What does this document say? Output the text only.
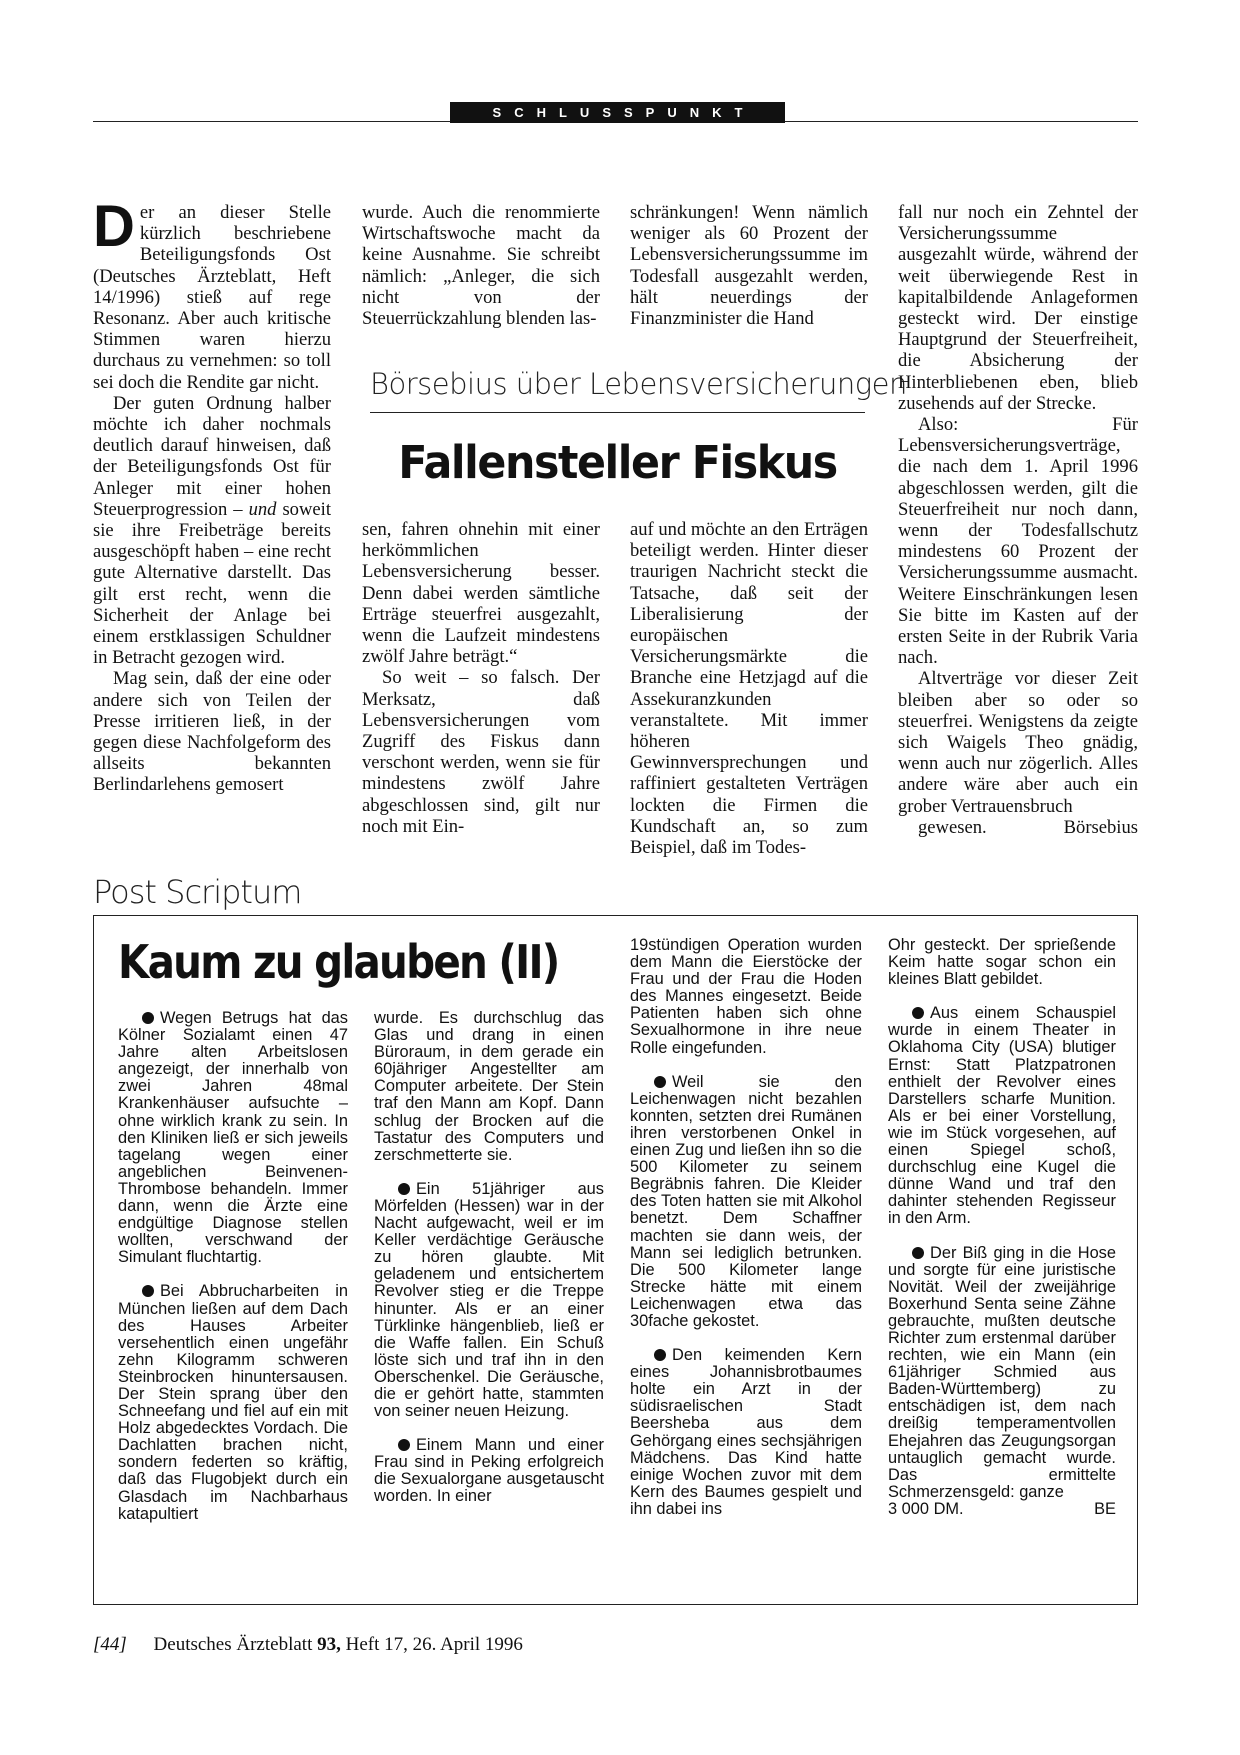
SCHLUSSPUNKT

Der an dieser Stelle kürzlich beschriebene Beteiligungsfonds Ost (Deutsches Ärzteblatt, Heft 14/1996) stieß auf rege Resonanz. Aber auch kritische Stimmen waren hierzu durchaus zu vernehmen: so toll sei doch die Rendite gar nicht.

Der guten Ordnung halber möchte ich daher nochmals deutlich darauf hinweisen, daß der Beteiligungsfonds Ost für Anleger mit einer hohen Steuerprogression – und soweit sie ihre Freibeträge bereits ausgeschöpft haben – eine recht gute Alternative darstellt. Das gilt erst recht, wenn die Sicherheit der Anlage bei einem erstklassigen Schuldner in Betracht gezogen wird.

Mag sein, daß der eine oder andere sich von Teilen der Presse irritieren ließ, in der gegen diese Nachfolgeform des allseits bekannten Berlindarlehens gemosert

wurde. Auch die renommierte Wirtschaftswoche macht da keine Ausnahme. Sie schreibt nämlich: „Anleger, die sich nicht von der Steuerrückzahlung blenden las-

schränkungen! Wenn nämlich weniger als 60 Prozent der Lebensversicherungssumme im Todesfall ausgezahlt werden, hält neuerdings der Finanzminister die Hand

Börsebius über Lebensversicherungen
Fallensteller Fiskus

sen, fahren ohnehin mit einer herkömmlichen Lebensversicherung besser. Denn dabei werden sämtliche Erträge steuerfrei ausgezahlt, wenn die Laufzeit mindestens zwölf Jahre beträgt.“

So weit – so falsch. Der Merksatz, daß Lebensversicherungen vom Zugriff des Fiskus dann verschont werden, wenn sie für mindestens zwölf Jahre abgeschlossen sind, gilt nur noch mit Ein-

auf und möchte an den Erträgen beteiligt werden. Hinter dieser traurigen Nachricht steckt die Tatsache, daß seit der Liberalisierung der europäischen Versicherungsmärkte die Branche eine Hetzjagd auf die Assekuranzkunden veranstaltete. Mit immer höheren Gewinnversprechungen und raffiniert gestalteten Verträgen lockten die Firmen die Kundschaft an, so zum Beispiel, daß im Todes-

fall nur noch ein Zehntel der Versicherungssumme ausgezahlt würde, während der weit überwiegende Rest in kapitalbildende Anlageformen gesteckt wird. Der einstige Hauptgrund der Steuerfreiheit, die Absicherung der Hinterbliebenen eben, blieb zusehends auf der Strecke.

Also: Für Lebensversicherungsverträge, die nach dem 1. April 1996 abgeschlossen werden, gilt die Steuerfreiheit nur noch dann, wenn der Todesfallschutz mindestens 60 Prozent der Versicherungssumme ausmacht. Weitere Einschränkungen lesen Sie bitte im Kasten auf der ersten Seite in der Rubrik Varia nach.

Altverträge vor dieser Zeit bleiben aber so oder so steuerfrei. Wenigstens da zeigte sich Waigels Theo gnädig, wenn auch nur zögerlich. Alles andere wäre aber auch ein grober Vertrauensbruch

gewesen.	Börsebius
Post Scriptum
Kaum zu glauben (II)

Wegen Betrugs hat das Kölner Sozialamt einen 47 Jahre alten Arbeitslosen angezeigt, der innerhalb von zwei Jahren 48mal Krankenhäuser aufsuchte – ohne wirklich krank zu sein. In den Kliniken ließ er sich jeweils tagelang wegen einer angeblichen Beinvenen-Thrombose behandeln. Immer dann, wenn die Ärzte eine endgültige Diagnose stellen wollten, verschwand der Simulant fluchtartig.

Bei Abbrucharbeiten in München ließen auf dem Dach des Hauses Arbeiter versehentlich einen ungefähr zehn Kilogramm schweren Steinbrocken hinuntersausen. Der Stein sprang über den Schneefang und fiel auf ein mit Holz abgedecktes Vordach. Die Dachlatten brachen nicht, sondern federten so kräftig, daß das Flugobjekt durch ein Glasdach im Nachbarhaus katapultiert

wurde. Es durchschlug das Glas und drang in einen Büroraum, in dem gerade ein 60jähriger Angestellter am Computer arbeitete. Der Stein traf den Mann am Kopf. Dann schlug der Brocken auf die Tastatur des Computers und zerschmetterte sie.

Ein 51jähriger aus Mörfelden (Hessen) war in der Nacht aufgewacht, weil er im Keller verdächtige Geräusche zu hören glaubte. Mit geladenem und entsichertem Revolver stieg er die Treppe hinunter. Als er an einer Türklinke hängenblieb, ließ er die Waffe fallen. Ein Schuß löste sich und traf ihn in den Oberschenkel. Die Geräusche, die er gehört hatte, stammten von seiner neuen Heizung.

Einem Mann und einer Frau sind in Peking erfolgreich die Sexualorgane ausgetauscht worden. In einer

19stündigen Operation wurden dem Mann die Eierstöcke der Frau und der Frau die Hoden des Mannes eingesetzt. Beide Patienten haben sich ohne Sexualhormone in ihre neue Rolle eingefunden.

Weil sie den Leichenwagen nicht bezahlen konnten, setzten drei Rumänen ihren verstorbenen Onkel in einen Zug und ließen ihn so die 500 Kilometer zu seinem Begräbnis fahren. Die Kleider des Toten hatten sie mit Alkohol benetzt. Dem Schaffner machten sie dann weis, der Mann sei lediglich betrunken. Die 500 Kilometer lange Strecke hätte mit einem Leichenwagen etwa das 30fache gekostet.

Den keimenden Kern eines Johannisbrotbaumes holte ein Arzt in der südisraelischen Stadt Beersheba aus dem Gehörgang eines sechsjährigen Mädchens. Das Kind hatte einige Wochen zuvor mit dem Kern des Baumes gespielt und ihn dabei ins

Ohr gesteckt. Der sprießende Keim hatte sogar schon ein kleines Blatt gebildet.

Aus einem Schauspiel wurde in einem Theater in Oklahoma City (USA) blutiger Ernst: Statt Platzpatronen enthielt der Revolver eines Darstellers scharfe Munition. Als er bei einer Vorstellung, wie im Stück vorgesehen, auf einen Spiegel schoß, durchschlug eine Kugel die dünne Wand und traf den dahinter stehenden Regisseur in den Arm.

Der Biß ging in die Hose und sorgte für eine juristische Novität. Weil der zweijährige Boxerhund Senta seine Zähne gebrauchte, mußten deutsche Richter zum erstenmal darüber rechten, wie ein Mann (ein 61jähriger Schmied aus Baden-Württemberg) zu entschädigen ist, dem nach dreißig temperamentvollen Ehejahren das Zeugungsorgan untauglich gemacht wurde. Das ermittelte Schmerzensgeld: ganze

3 000 DM.	BE
[44] Deutsches Ärzteblatt 93, Heft 17, 26. April 1996
